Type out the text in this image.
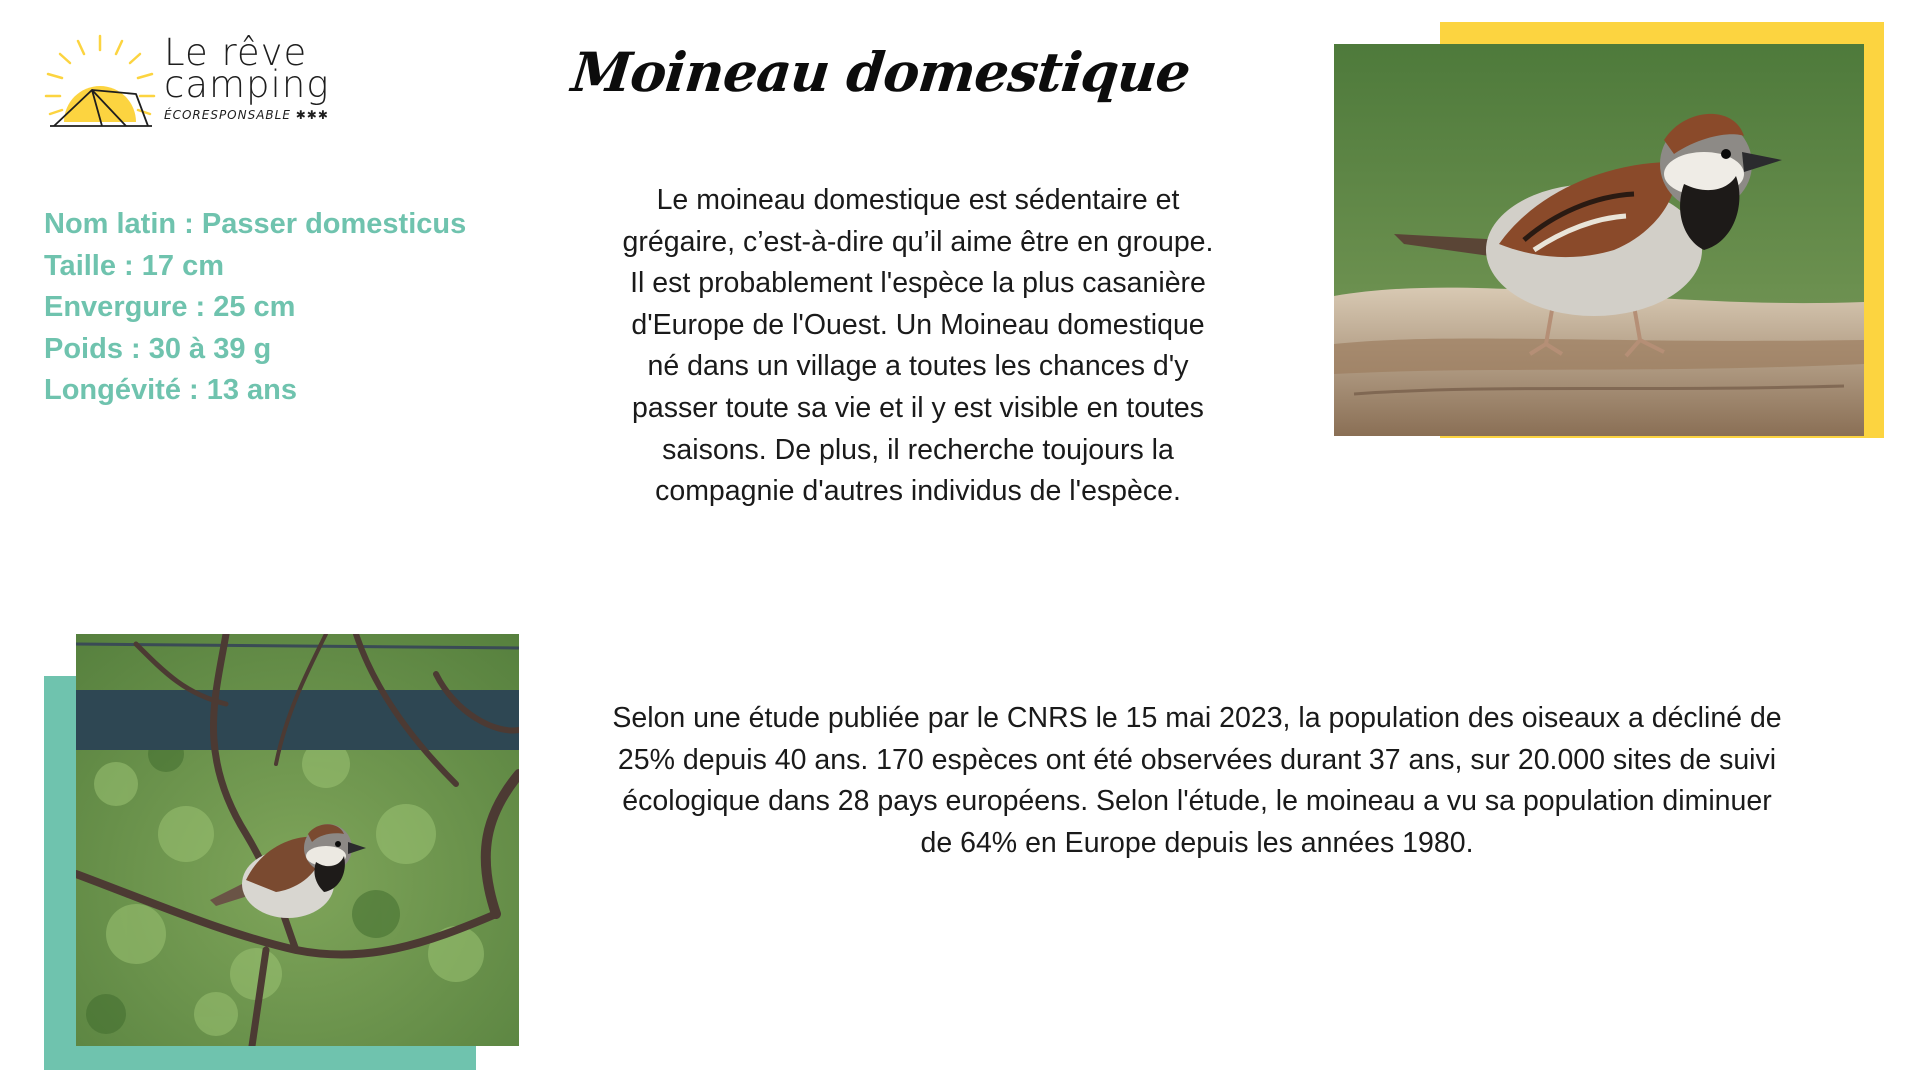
Le rêve
camping
ÉCORESPONSABLE ✱✱✱
Moineau domestique
Nom latin : Passer domesticus
Taille : 17 cm
Envergure : 25 cm
Poids : 30 à 39 g
Longévité : 13 ans
Le moineau domestique est sédentaire et grégaire, c’est-à-dire qu’il aime être en groupe. Il est probablement l'espèce la plus casanière d'Europe de l'Ouest. Un Moineau domestique né dans un village a toutes les chances d'y passer toute sa vie et il y est visible en toutes saisons. De plus, il recherche toujours la compagnie d'autres individus de l'espèce.
Selon une étude publiée par le CNRS le 15 mai 2023, la population des oiseaux a décliné de 25% depuis 40 ans. 170 espèces ont été observées durant 37 ans, sur 20.000 sites de suivi écologique dans 28 pays européens. Selon l'étude, le moineau a vu sa population diminuer de 64% en Europe depuis les années 1980.
